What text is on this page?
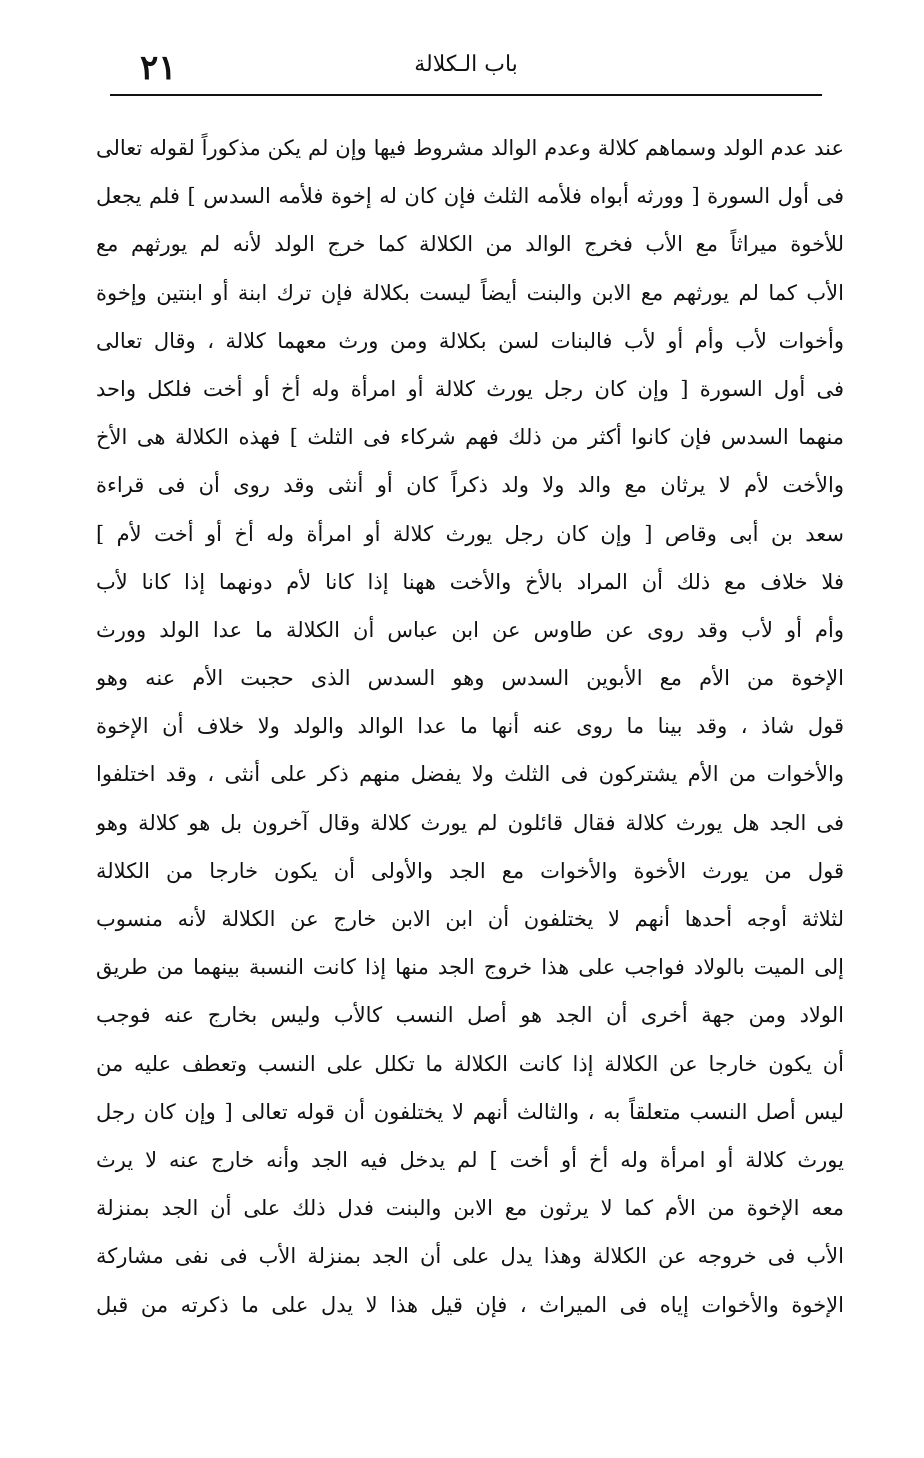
٢١	باب الـكلالة
عند عدم الولد وسماهم كلالة وعدم الوالد مشروط فيها وإن لم يكن مذكوراً لقوله تعالى
فى أول السورة [ وورثه أبواه فلأمه الثلث فإن كان له إخوة فلأمه السدس ] فلم يجعل
للأخوة ميراثاً مع الأب فخرج الوالد من الكلالة كما خرج الولد لأنه لم يورثهم مع
الأب كما لم يورثهم مع الابن والبنت أيضاً ليست بكلالة فإن ترك ابنة أو ابنتين وإخوة
وأخوات لأب وأم أو لأب فالبنات لسن بكلالة ومن ورث معهما كلالة ، وقال تعالى
فى أول السورة [ وإن كان رجل يورث كلالة أو امرأة وله أخ أو أخت فلكل واحد
منهما السدس فإن كانوا أكثر من ذلك فهم شركاء فى الثلث ] فهذه الكلالة هى الأخ
والأخت لأم لا يرثان مع والد ولا ولد ذكراً كان أو أنثى وقد روى أن فى قراءة
سعد بن أبى وقاص [ وإن كان رجل يورث كلالة أو امرأة وله أخ أو أخت لأم ]
فلا خلاف مع ذلك أن المراد بالأخ والأخت ههنا إذا كانا لأم دونهما إذا كانا لأب
وأم أو لأب وقد روى عن طاوس عن ابن عباس أن الكلالة ما عدا الولد وورث
الإخوة من الأم مع الأبوين السدس وهو السدس الذى حجبت الأم عنه وهو
قول شاذ ، وقد بينا ما روى عنه أنها ما عدا الوالد والولد ولا خلاف أن الإخوة
والأخوات من الأم يشتركون فى الثلث ولا يفضل منهم ذكر على أنثى ، وقد اختلفوا
فى الجد هل يورث كلالة فقال قائلون لم يورث كلالة وقال آخرون بل هو كلالة وهو
قول من يورث الأخوة والأخوات مع الجد والأولى أن يكون خارجا من الكلالة
لثلاثة أوجه أحدها أنهم لا يختلفون أن ابن الابن خارج عن الكلالة لأنه منسوب
إلى الميت بالولاد فواجب على هذا خروج الجد منها إذا كانت النسبة بينهما من طريق
الولاد ومن جهة أخرى أن الجد هو أصل النسب كالأب وليس بخارج عنه فوجب
أن يكون خارجا عن الكلالة إذا كانت الكلالة ما تكلل على النسب وتعطف عليه من
ليس أصل النسب متعلقاً به ، والثالث أنهم لا يختلفون أن قوله تعالى [ وإن كان رجل
يورث كلالة أو امرأة وله أخ أو أخت ] لم يدخل فيه الجد وأنه خارج عنه لا يرث
معه الإخوة من الأم كما لا يرثون مع الابن والبنت فدل ذلك على أن الجد بمنزلة
الأب فى خروجه عن الكلالة وهذا يدل على أن الجد بمنزلة الأب فى نفى مشاركة
الإخوة والأخوات إياه فى الميراث ، فإن قيل هذا لا يدل على ما ذكرته من قبل
